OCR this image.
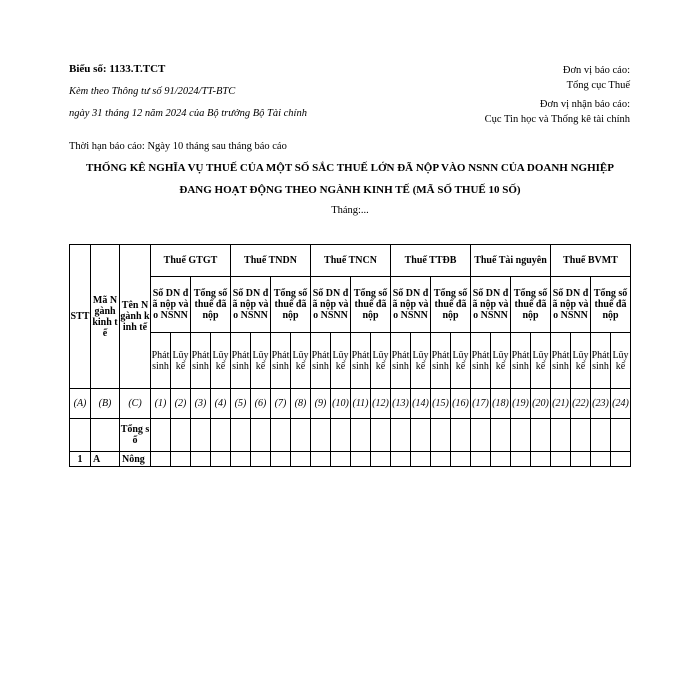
Biểu số: 1133.T.TCT
Kèm theo Thông tư số 91/2024/TT-BTC
ngày 31 tháng 12 năm 2024 của Bộ trưởng Bộ Tài chính
Thời hạn báo cáo: Ngày 10 tháng sau tháng báo cáo
Đơn vị báo cáo:
Tổng cục Thuế
Đơn vị nhận báo cáo:
Cục Tin học và Thống kê tài chính
THỐNG KÊ NGHĨA VỤ THUẾ CỦA MỘT SỐ SẮC THUẾ LỚN ĐÃ NỘP VÀO NSNN CỦA DOANH NGHIỆP
ĐANG HOẠT ĐỘNG THEO NGÀNH KINH TẾ (MÃ SỐ THUẾ 10 SỐ)
Tháng:...
STT	Mã Ngành kinh tế	Tên Ngành kinh tế	Thuế GTGT				Thuế TNDN				Thuế TNCN				Thuế TTĐB				Thuế Tài nguyên				Thuế BVMT			
			Số DN đã nộp vào NSNN		Tổng số thuế đã nộp		Số DN đã nộp vào NSNN		Tổng số thuế đã nộp		Số DN đã nộp vào NSNN		Tổng số thuế đã nộp		Số DN đã nộp vào NSNN		Tổng số thuế đã nộp		Số DN đã nộp vào NSNN		Tổng số thuế đã nộp		Số DN đã nộp vào NSNN		Tổng số thuế đã nộp	
			Phát sinh	Lũy kế	Phát sinh	Lũy kế	Phát sinh	Lũy kế	Phát sinh	Lũy kế	Phát sinh	Lũy kế	Phát sinh	Lũy kế	Phát sinh	Lũy kế	Phát sinh	Lũy kế	Phát sinh	Lũy kế	Phát sinh	Lũy kế	Phát sinh	Lũy kế	Phát sinh	Lũy kế
(A)	(B)	(C)	(1)	(2)	(3)	(4)	(5)	(6)	(7)	(8)	(9)	(10)	(11)	(12)	(13)	(14)	(15)	(16)	(17)	(18)	(19)	(20)	(21)	(22)	(23)	(24)
		Tổng số																								
1	A	Nông																								
